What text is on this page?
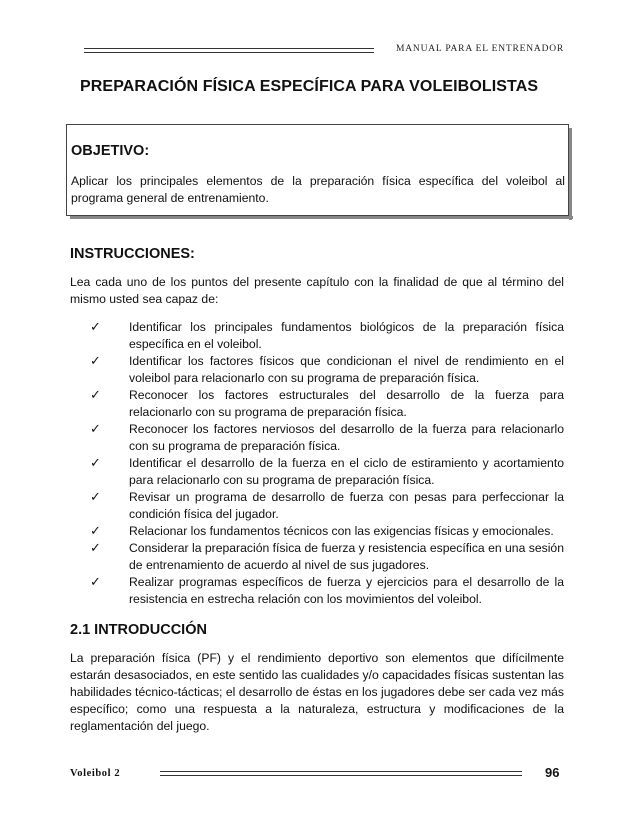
MANUAL PARA EL ENTRENADOR
PREPARACIÓN FÍSICA ESPECÍFICA PARA VOLEIBOLISTAS
OBJETIVO:
Aplicar los principales elementos de la preparación física específica del voleibol al programa general de entrenamiento.
INSTRUCCIONES:
Lea cada uno de los puntos del presente capítulo con la finalidad de que al término del mismo usted sea capaz de:
✓ Identificar los principales fundamentos biológicos de la preparación física específica en el voleibol.
✓ Identificar los factores físicos que condicionan el nivel de rendimiento en el voleibol para relacionarlo con su programa de preparación física.
✓ Reconocer los factores estructurales del desarrollo de la fuerza para relacionarlo con su programa de preparación física.
✓ Reconocer los factores nerviosos del desarrollo de la fuerza para relacionarlo con su programa de preparación física.
✓ Identificar el desarrollo de la fuerza en el ciclo de estiramiento y acortamiento para relacionarlo con su programa de preparación física.
✓ Revisar un programa de desarrollo de fuerza con pesas para perfeccionar la condición física del jugador.
✓ Relacionar los fundamentos técnicos con las exigencias físicas y emocionales.
✓ Considerar la preparación física de fuerza y resistencia específica en una sesión de entrenamiento de acuerdo al nivel de sus jugadores.
✓ Realizar programas específicos de fuerza y ejercicios para el desarrollo de la resistencia en estrecha relación con los movimientos del voleibol.
2.1 INTRODUCCIÓN
La preparación física (PF) y el rendimiento deportivo son elementos que difícilmente estarán desasociados, en este sentido las cualidades y/o capacidades físicas sustentan las habilidades técnico-tácticas; el desarrollo de éstas en los jugadores debe ser cada vez más específico; como una respuesta a la naturaleza, estructura y modificaciones de la reglamentación del juego.
Voleibol 2	96
